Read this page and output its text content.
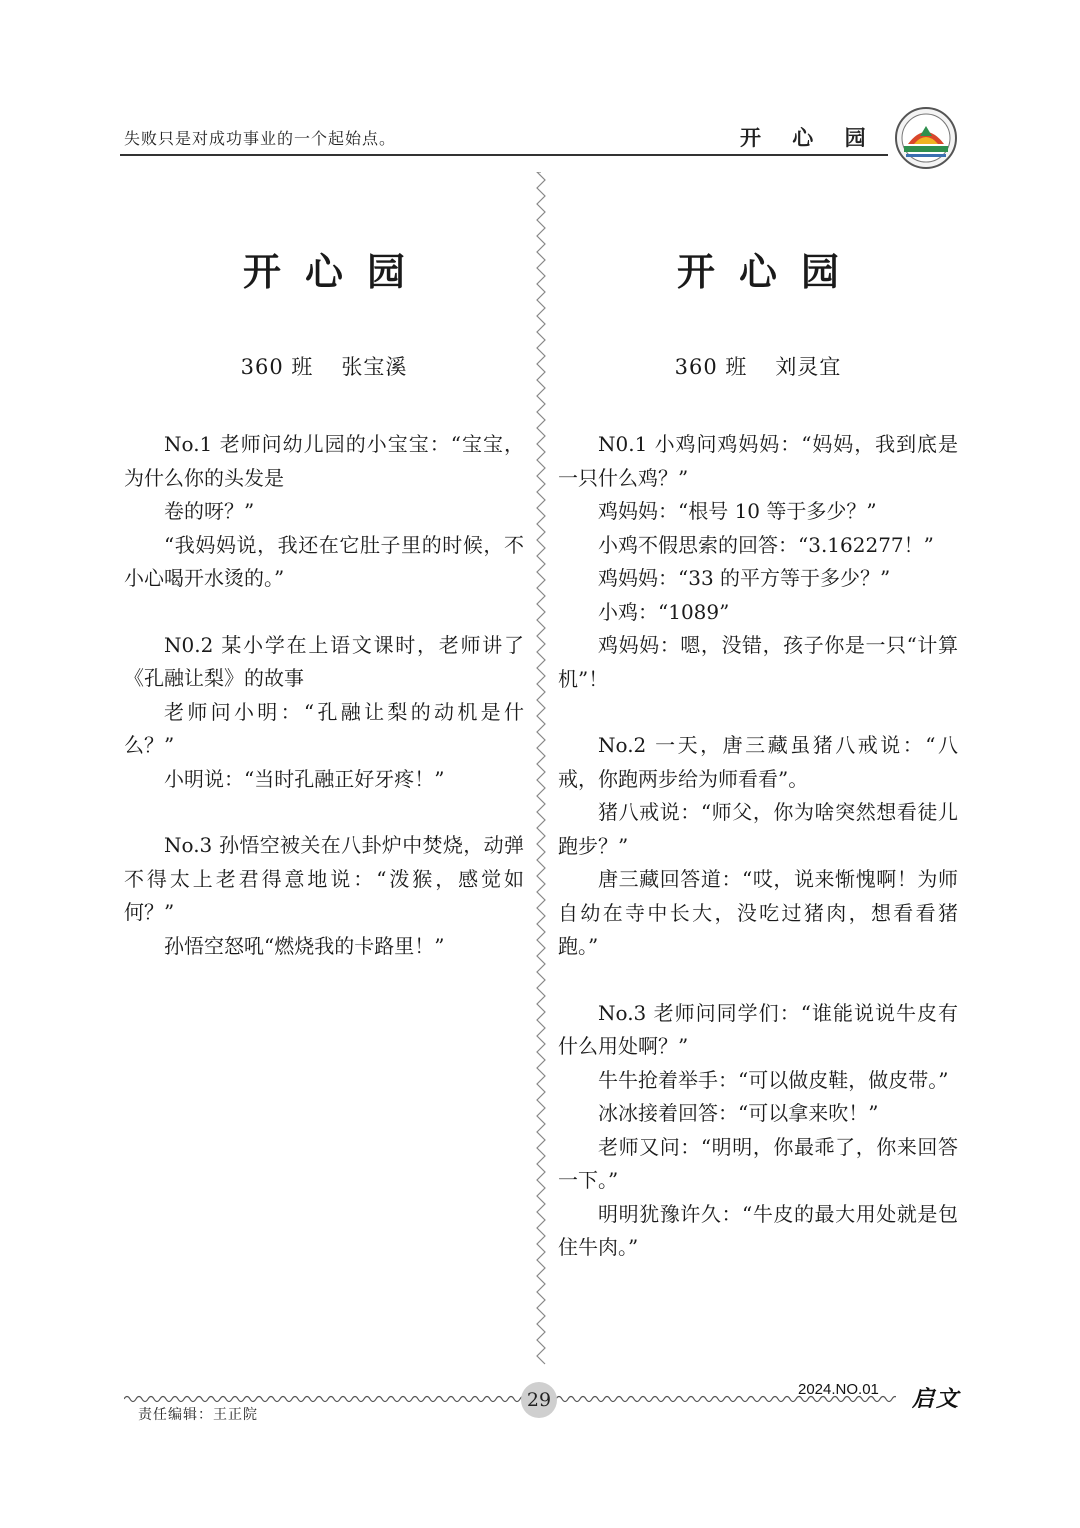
失败只是对成功事业的一个起始点。	开 心 园
开心园
360 班 张宝溪

No.1 老师问幼儿园的小宝宝：“宝宝，为什么你的头发是

卷的呀？”

“我妈妈说，我还在它肚子里的时候，不小心喝开水烫的。”

N0.2 某小学在上语文课时，老师讲了《孔融让梨》的故事

老师问小明：“孔融让梨的动机是什么？”

小明说：“当时孔融正好牙疼！”

No.3 孙悟空被关在八卦炉中焚烧，动弹不得太上老君得意地说：“泼猴，感觉如何？”

孙悟空怒吼“燃烧我的卡路里！”

开心园
360 班 刘灵宜

N0.1 小鸡问鸡妈妈：“妈妈，我到底是一只什么鸡？”

鸡妈妈：“根号 10 等于多少？”

小鸡不假思索的回答：“3.162277！”

鸡妈妈：“33 的平方等于多少？”

小鸡：“1089”

鸡妈妈：嗯，没错，孩子你是一只“计算机”！

No.2 一天，唐三藏虽猪八戒说：“八戒，你跑两步给为师看看”。

猪八戒说：“师父，你为啥突然想看徒儿跑步？”

唐三藏回答道：“哎，说来惭愧啊！为师自幼在寺中长大，没吃过猪肉，想看看猪跑。”

No.3 老师问同学们：“谁能说说牛皮有什么用处啊？”

牛牛抢着举手：“可以做皮鞋，做皮带。”

冰冰接着回答：“可以拿来吹！”

老师又问：“明明，你最乖了，你来回答一下。”

明明犹豫许久：“牛皮的最大用处就是包住牛肉。”

29
责任编辑：王正院
2024.NO.01 启文
